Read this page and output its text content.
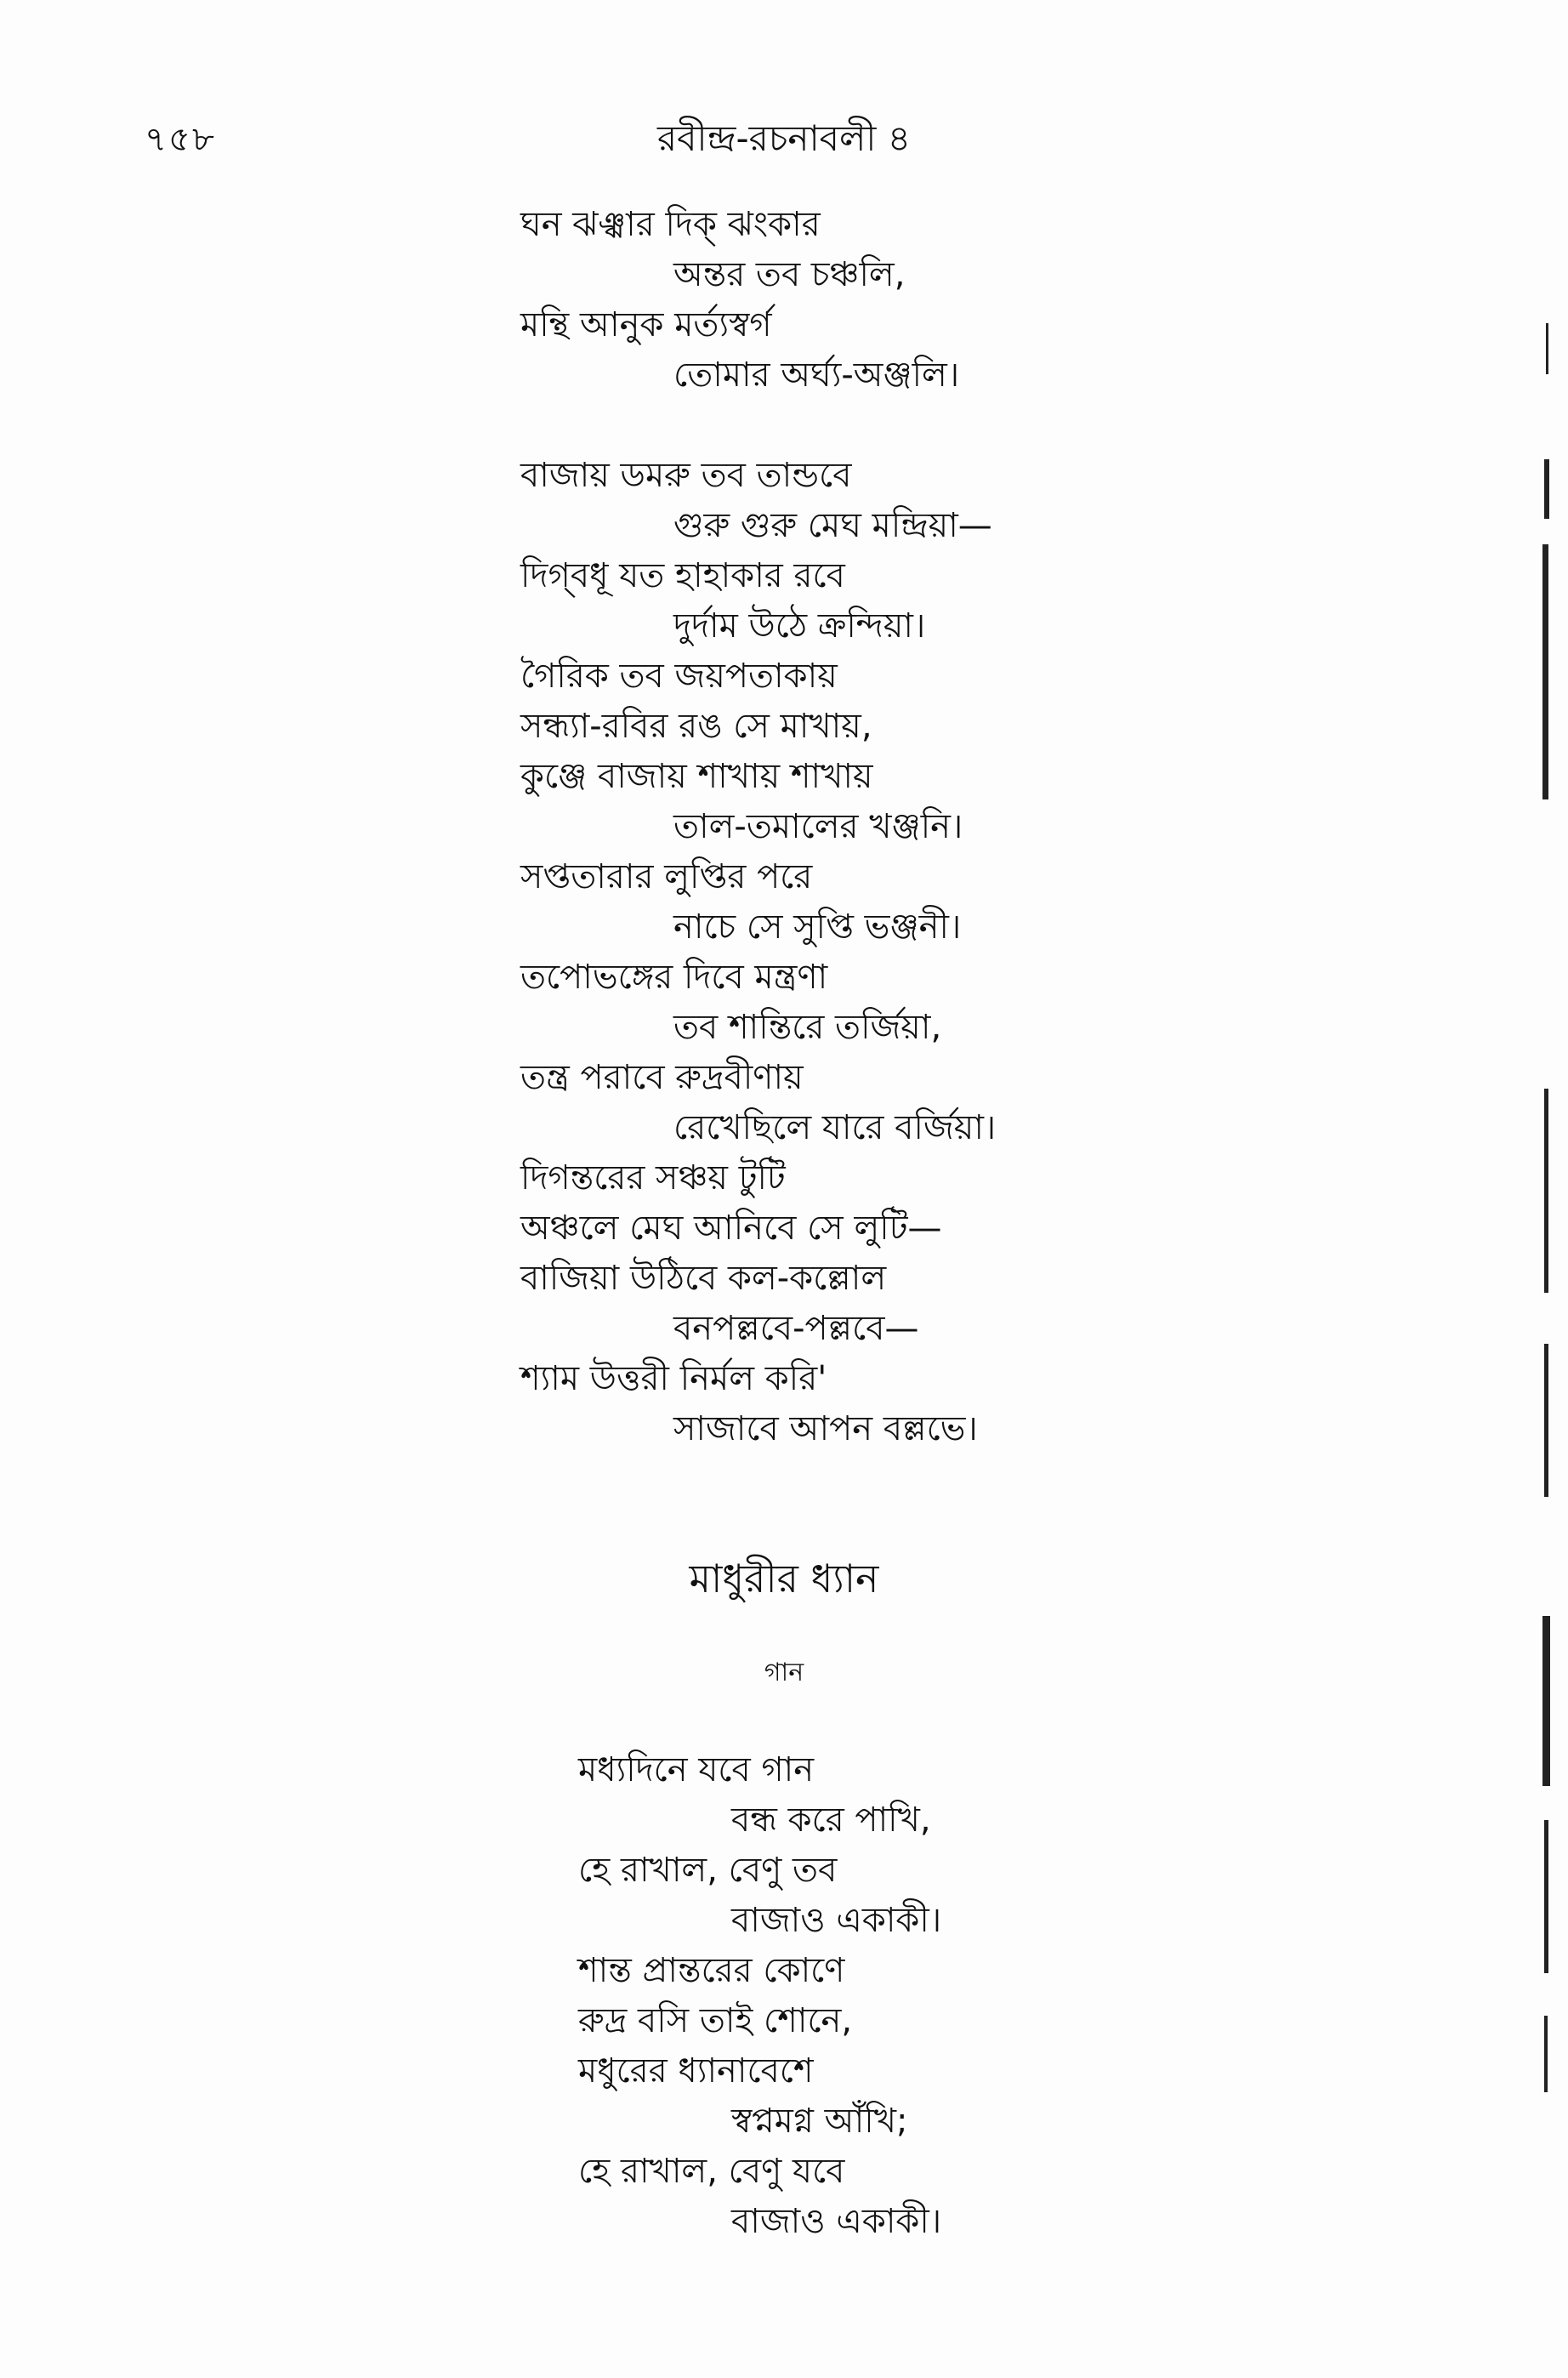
৭৫৮	রবীন্দ্র-রচনাবলী ৪
ঘন ঝঞ্ঝার দিক্ ঝংকার
অন্তর তব চঞ্চলি,
মন্থি আনুক মর্ত্যস্বর্গ
তোমার অর্ঘ্য-অঞ্জলি।
বাজায় ডমরু তব তান্ডবে
গুরু গুরু মেঘ মন্দ্রিয়া—
দিগ্‌বধূ যত হাহাকার রবে
দুর্দাম উঠে ক্রন্দিয়া।
গৈরিক তব জয়পতাকায়
সন্ধ্যা-রবির রঙ সে মাখায়,
কুঞ্জে বাজায় শাখায় শাখায়
তাল-তমালের খঞ্জনি।
সপ্ততারার লুপ্তির পরে
নাচে সে সুপ্তি ভঞ্জনী।
তপোভঙ্গের দিবে মন্ত্রণা
তব শান্তিরে তর্জিয়া,
তন্ত্র পরাবে রুদ্রবীণায়
রেখেছিলে যারে বর্জিয়া।
দিগন্তরের সঞ্চয় টুটি
অঞ্চলে মেঘ আনিবে সে লুটি—
বাজিয়া উঠিবে কল-কল্লোল
বনপল্লবে-পল্লবে—
শ্যাম উত্তরী নির্মল করি'
সাজাবে আপন বল্লভে।
মাধুরীর ধ্যান
গান
মধ্যদিনে যবে গান
বন্ধ করে পাখি,
হে রাখাল, বেণু তব
বাজাও একাকী।
শান্ত প্রান্তরের কোণে
রুদ্র বসি তাই শোনে,
মধুরের ধ্যানাবেশে
স্বপ্নমগ্ন আঁখি;
হে রাখাল, বেণু যবে
বাজাও একাকী।
